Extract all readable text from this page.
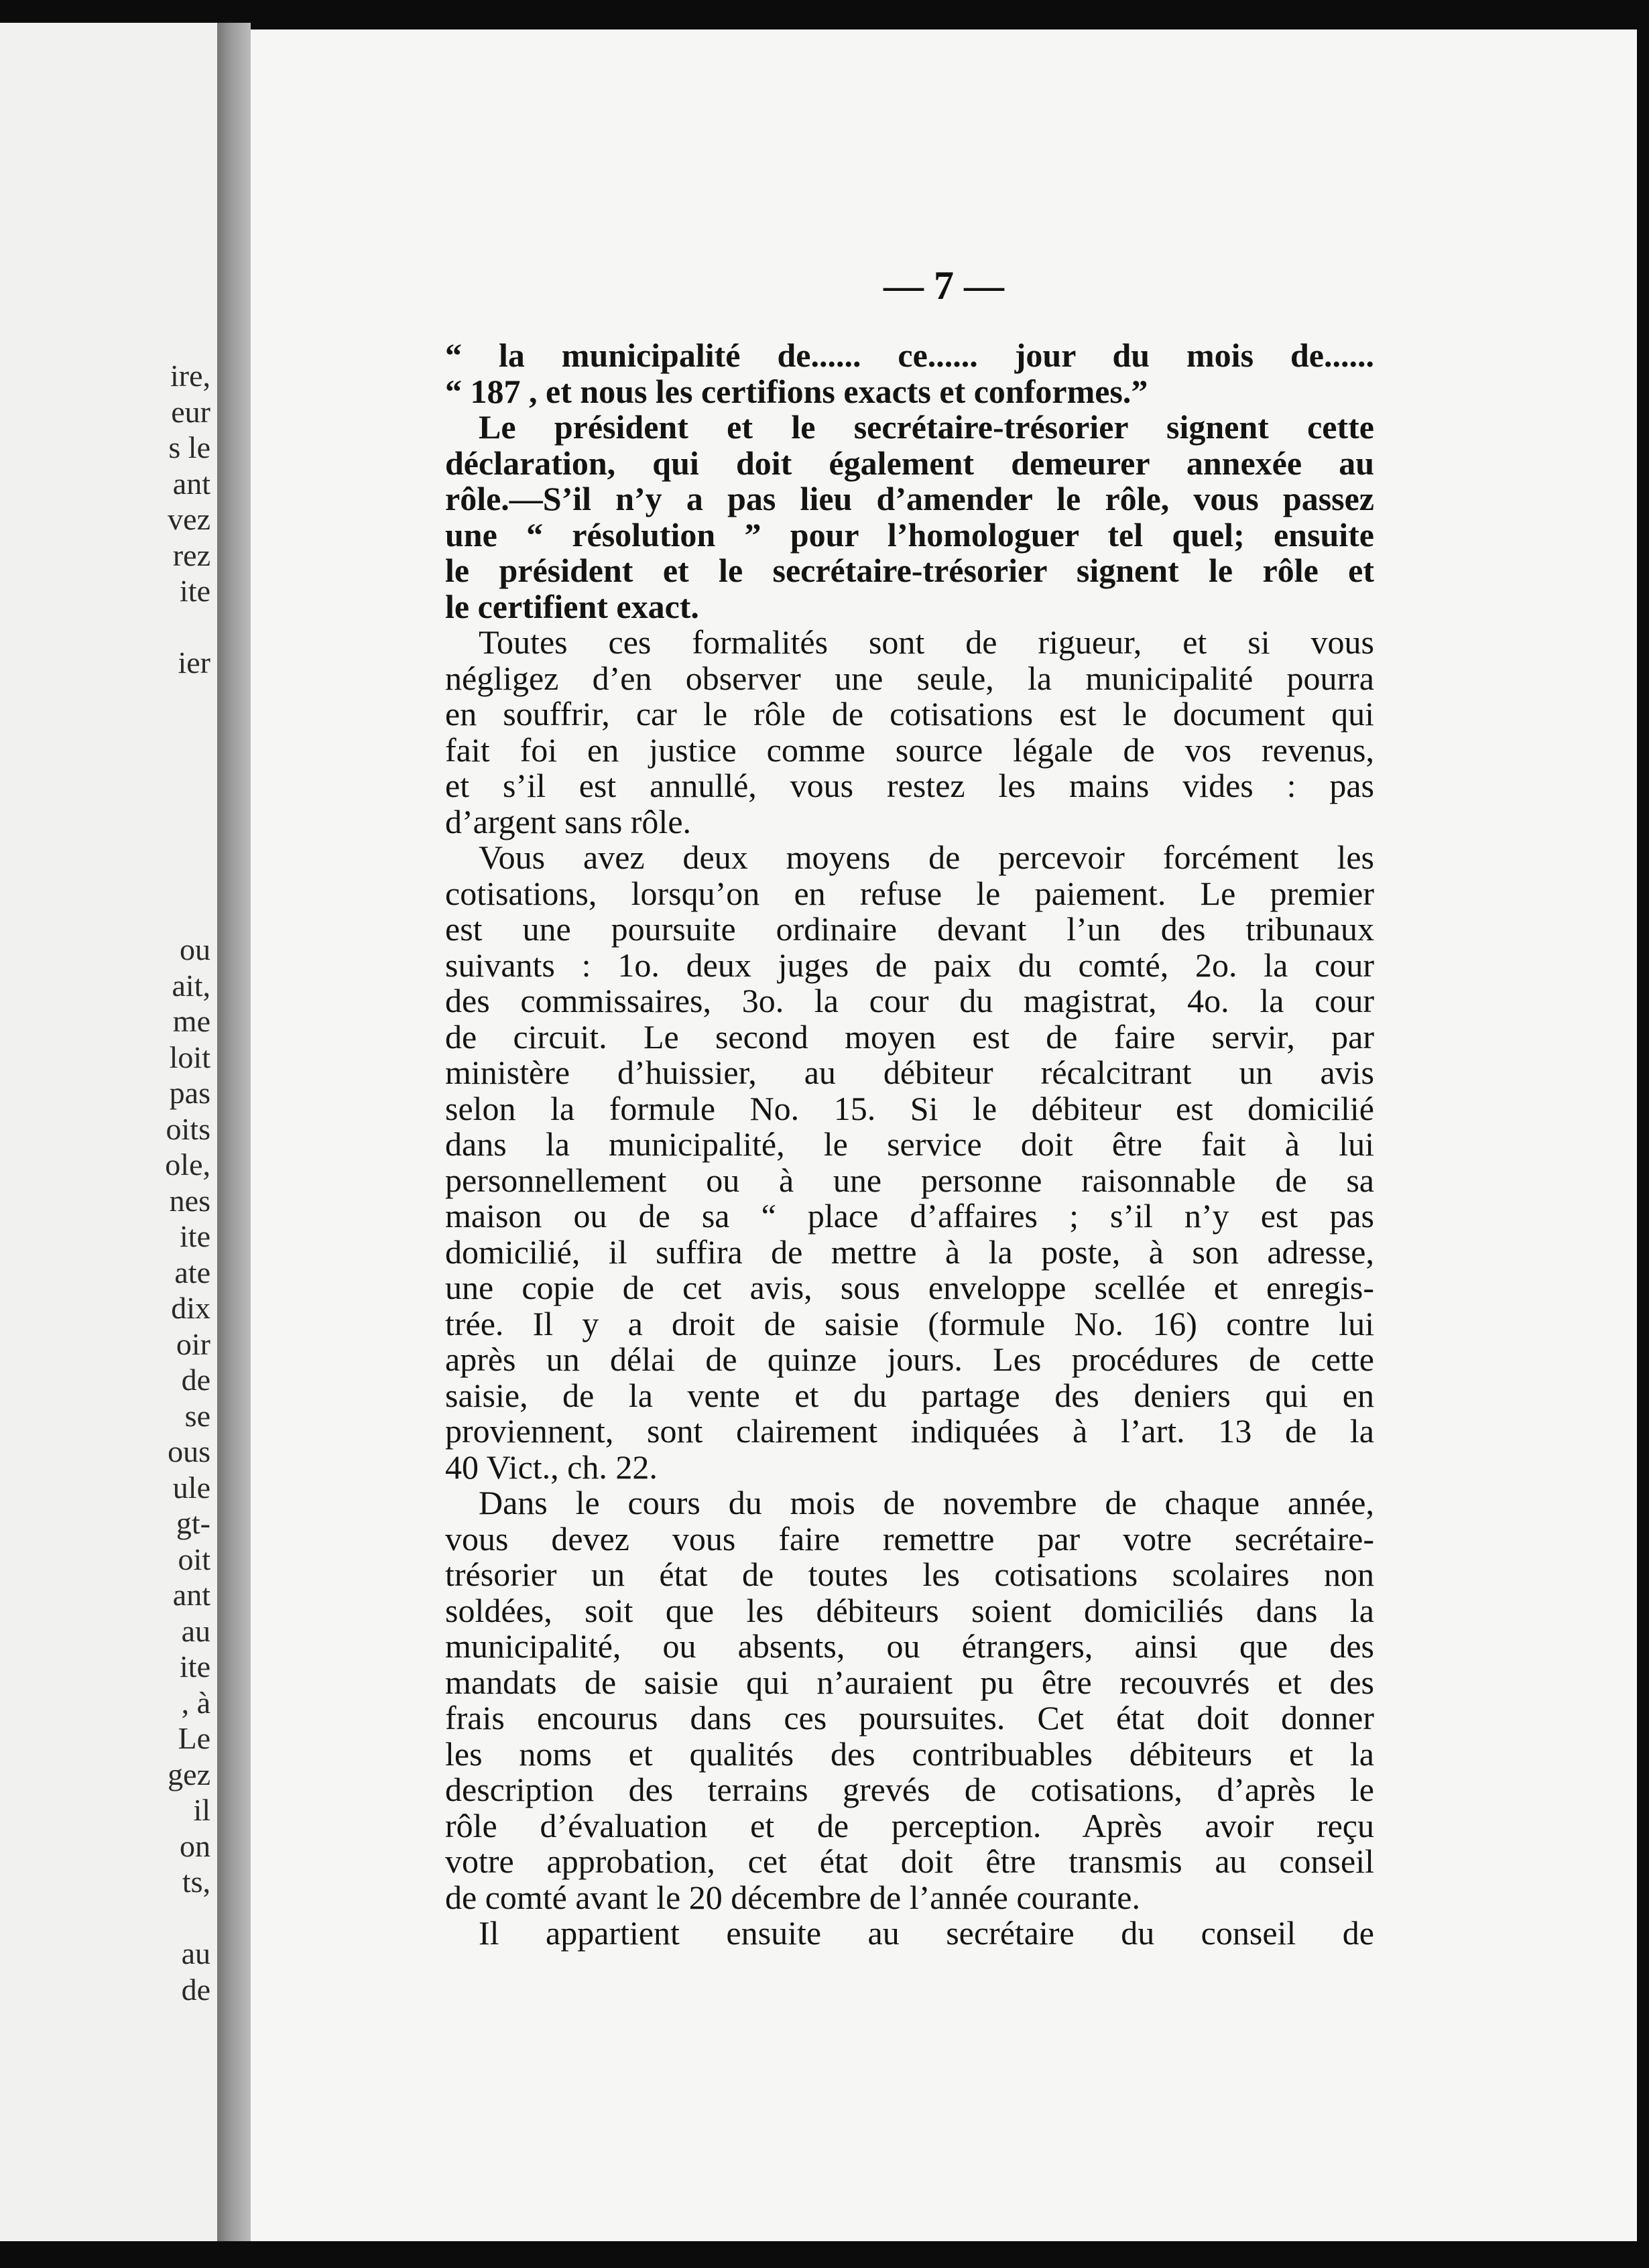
ire,

eur

s le

ant

vez

rez

ite

ier

ou

ait,

me

loit

pas

oits

ole,

nes

ite

ate

dix

oir

de

se

ous

ule

gt-

oit

ant

au

ite

, à

Le

gez

il

on

ts,

au

de

— 7 —

“ la municipalité de...... ce...... jour du mois de......
“ 187 , et nous les certifions exacts et conformes.”

Le président et le secrétaire-trésorier signent cette
déclaration, qui doit également demeurer annexée au
rôle.—S’il n’y a pas lieu d’amender le rôle, vous passez
une “ résolution ” pour l’homologuer tel quel; ensuite
le président et le secrétaire-trésorier signent le rôle et
le certifient exact.

Toutes ces formalités sont de rigueur, et si vous
négligez d’en observer une seule, la municipalité pourra
en souffrir, car le rôle de cotisations est le document qui
fait foi en justice comme source légale de vos revenus,
et s’il est annullé, vous restez les mains vides : pas
d’argent sans rôle.

Vous avez deux moyens de percevoir forcément les
cotisations, lorsqu’on en refuse le paiement. Le premier
est une poursuite ordinaire devant l’un des tribunaux
suivants : 1o. deux juges de paix du comté, 2o. la cour
des commissaires, 3o. la cour du magistrat, 4o. la cour
de circuit. Le second moyen est de faire servir, par
ministère d’huissier, au débiteur récalcitrant un avis
selon la formule No. 15. Si le débiteur est domicilié
dans la municipalité, le service doit être fait à lui
personnellement ou à une personne raisonnable de sa
maison ou de sa “ place d’affaires ; s’il n’y est pas
domicilié, il suffira de mettre à la poste, à son adresse,
une copie de cet avis, sous enveloppe scellée et enregis-
trée. Il y a droit de saisie (formule No. 16) contre lui
après un délai de quinze jours. Les procédures de cette
saisie, de la vente et du partage des deniers qui en
proviennent, sont clairement indiquées à l’art. 13 de la
40 Vict., ch. 22.

Dans le cours du mois de novembre de chaque année,
vous devez vous faire remettre par votre secrétaire-
trésorier un état de toutes les cotisations scolaires non
soldées, soit que les débiteurs soient domiciliés dans la
municipalité, ou absents, ou étrangers, ainsi que des
mandats de saisie qui n’auraient pu être recouvrés et des
frais encourus dans ces poursuites. Cet état doit donner
les noms et qualités des contribuables débiteurs et la
description des terrains grevés de cotisations, d’après le
rôle d’évaluation et de perception. Après avoir reçu
votre approbation, cet état doit être transmis au conseil
de comté avant le 20 décembre de l’année courante.

Il appartient ensuite au secrétaire du conseil de
